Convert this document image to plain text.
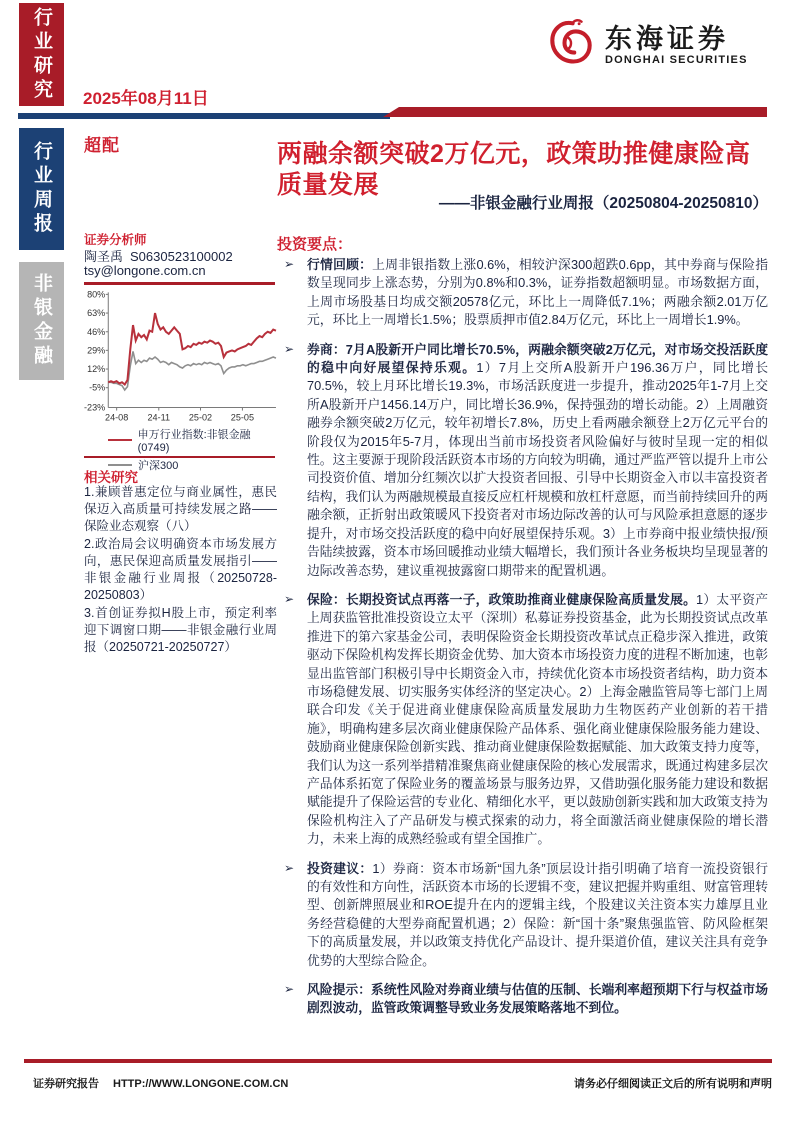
行业研究
行业周报
非银金融
2025年08月11日
东海证券
DONGHAI SECURITIES
超配
证券分析师
陶圣禹 S0630523100002
tsy@longone.com.cn
80%
63%
46%
29%
12%
-5%
-23%
24-08 24-11 25-02 25-05
申万行业指数:非银金融(0749)
沪深300
相关研究

1.兼顾普惠定位与商业属性，惠民保迈入高质量可持续发展之路——保险业态观察（八）

2.政治局会议明确资本市场发展方向，惠民保迎高质量发展指引——非银金融行业周报（20250728-20250803）

3.首创证券拟H股上市，预定利率迎下调窗口期——非银金融行业周报（20250721-20250727）

两融余额突破2万亿元，政策助推健康险高质量发展
——非银金融行业周报（20250804-20250810）
投资要点：
➢ 行情回顾：上周非银指数上涨0.6%，相较沪深300超跌0.6pp，其中券商与保险指数呈现同步上涨态势，分别为0.8%和0.3%，证券指数超额明显。市场数据方面，上周市场股基日均成交额20578亿元，环比上一周降低7.1%；两融余额2.01万亿元，环比上一周增长1.5%；股票质押市值2.84万亿元，环比上一周增长1.9%。

➢ 券商：7月A股新开户同比增长70.5%，两融余额突破2万亿元，对市场交投活跃度的稳中向好展望保持乐观。1）7月上交所A股新开户196.36万户，同比增长70.5%，较上月环比增长19.3%，市场活跃度进一步提升，推动2025年1-7月上交所A股新开户1456.14万户，同比增长36.9%，保持强劲的增长动能。2）上周融资融券余额突破2万亿元，较年初增长7.8%，历史上看两融余额登上2万亿元平台的阶段仅为2015年5-7月，体现出当前市场投资者风险偏好与彼时呈现一定的相似性。这主要源于现阶段活跃资本市场的方向较为明确，通过严监严管以提升上市公司投资价值、增加分红频次以扩大投资者回报、引导中长期资金入市以丰富投资者结构，我们认为两融规模最直接反应杠杆规模和放杠杆意愿，而当前持续回升的两融余额，正折射出政策暖风下投资者对市场边际改善的认可与风险承担意愿的逐步提升，对市场交投活跃度的稳中向好展望保持乐观。3）上市券商中报业绩快报/预告陆续披露，资本市场回暖推动业绩大幅增长，我们预计各业务板块均呈现显著的边际改善态势，建议重视披露窗口期带来的配置机遇。

➢ 保险：长期投资试点再落一子，政策助推商业健康保险高质量发展。1）太平资产上周获监管批准投资设立太平（深圳）私募证券投资基金，此为长期投资试点改革推进下的第六家基金公司，表明保险资金长期投资改革试点正稳步深入推进，政策驱动下保险机构发挥长期资金优势、加大资本市场投资力度的进程不断加速，也彰显出监管部门积极引导中长期资金入市，持续优化资本市场投资者结构，助力资本市场稳健发展、切实服务实体经济的坚定决心。2）上海金融监管局等七部门上周联合印发《关于促进商业健康保险高质量发展助力生物医药产业创新的若干措施》，明确构建多层次商业健康保险产品体系、强化商业健康保险服务能力建设、鼓励商业健康保险创新实践、推动商业健康保险数据赋能、加大政策支持力度等，我们认为这一系列举措精准聚焦商业健康保险的核心发展需求，既通过构建多层次产品体系拓宽了保险业务的覆盖场景与服务边界，又借助强化服务能力建设和数据赋能提升了保险运营的专业化、精细化水平，更以鼓励创新实践和加大政策支持为保险机构注入了产品研发与模式探索的动力，将全面激活商业健康保险的增长潜力，未来上海的成熟经验或有望全国推广。

➢ 投资建议：1）券商：资本市场新“国九条”顶层设计指引明确了培育一流投资银行的有效性和方向性，活跃资本市场的长逻辑不变，建议把握并购重组、财富管理转型、创新牌照展业和ROE提升在内的逻辑主线，个股建议关注资本实力雄厚且业务经营稳健的大型券商配置机遇；2）保险：新“国十条”聚焦强监管、防风险框架下的高质量发展，并以政策支持优化产品设计、提升渠道价值，建议关注具有竞争优势的大型综合险企。

➢ 风险提示：系统性风险对券商业绩与估值的压制、长端利率超预期下行与权益市场剧烈波动，监管政策调整导致业务发展策略落地不到位。

证券研究报告 HTTP://WWW.LONGONE.COM.CN	请务必仔细阅读正文后的所有说明和声明
